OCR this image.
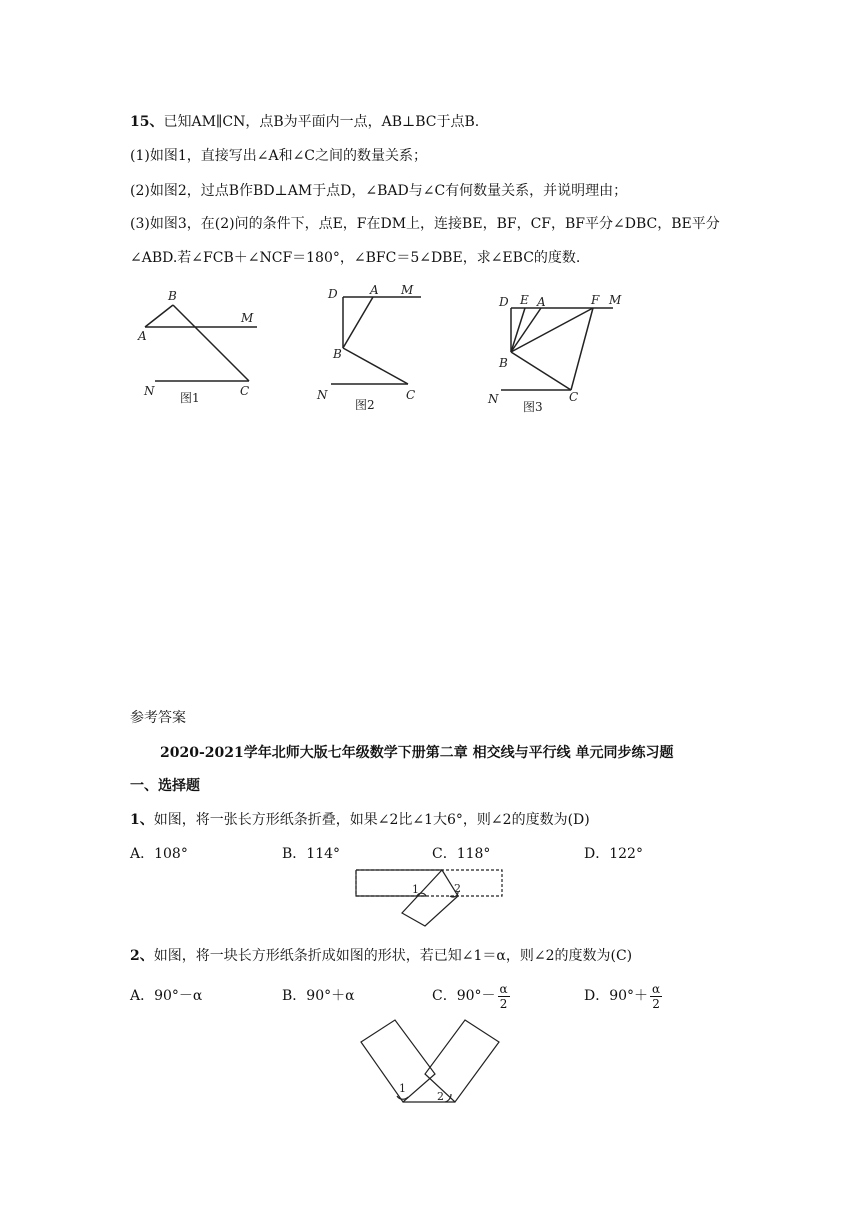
15、已知AM∥CN，点B为平面内一点，AB⊥BC于点B.
(1)如图1，直接写出∠A和∠C之间的数量关系；
(2)如图2，过点B作BD⊥AM于点D，∠BAD与∠C有何数量关系，并说明理由；
(3)如图3，在(2)问的条件下，点E，F在DM上，连接BE，BF，CF，BF平分∠DBC，BE平分
∠ABD.若∠FCB＋∠NCF＝180°，∠BFC＝5∠DBE，求∠EBC的度数.
B
A
M
N	C
图1
D	A M
B
N	C
图2
D E A	F M
B
N	C
图3
参考答案
2020-2021学年北师大版七年级数学下册第二章 相交线与平行线 单元同步练习题
一、选择题
1、如图，将一张长方形纸条折叠，如果∠2比∠1大6°，则∠2的度数为(D)
A．108°	B．114°	C．118°	D．122°
1	2
2、如图，将一块长方形纸条折成如图的形状，若已知∠1＝α，则∠2的度数为(C)
A．90°－α	B．90°＋α	C．$90^\circ- \frac{\alpha}{2}$	D．$90^\circ+ \frac{\alpha}{2}$
1
2
